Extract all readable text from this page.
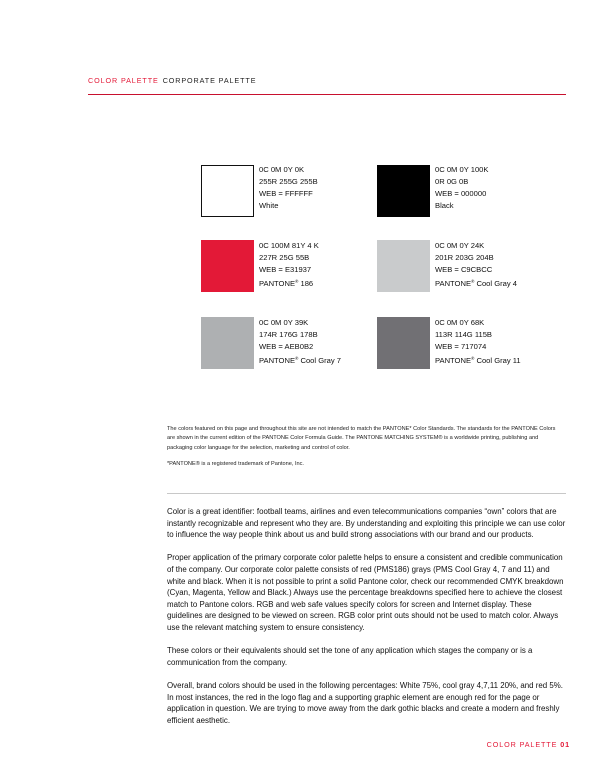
COLOR PALETTE CORPORATE PALETTE
0C 0M 0Y 0K
255R 255G 255B
WEB = FFFFFF
White
0C 0M 0Y 100K
0R 0G 0B
WEB = 000000
Black
0C 100M 81Y 4 K
227R 25G 55B
WEB = E31937
PANTONE® 186
0C 0M 0Y 24K
201R 203G 204B
WEB = C9CBCC
PANTONE® Cool Gray 4
0C 0M 0Y 39K
174R 176G 178B
WEB = AEB0B2
PANTONE® Cool Gray 7
0C 0M 0Y 68K
113R 114G 115B
WEB = 717074
PANTONE® Cool Gray 11

The colors featured on this page and throughout this site are not intended to match the PANTONE* Color Standards. The standards for the PANTONE Colors are shown in the current edition of the PANTONE Color Formula Guide. The PANTONE MATCHING SYSTEM® is a worldwide printing, publishing and packaging color language for the selection, marketing and control of color.

*PANTONE® is a registered trademark of Pantone, Inc.

Color is a great identifier: football teams, airlines and even telecommunications companies “own” colors that are instantly recognizable and represent who they are. By understanding and exploiting this principle we can use color to influence the way people think about us and build strong associations with our brand and our products.

Proper application of the primary corporate color palette helps to ensure a consistent and credible communication of the company. Our corporate color palette consists of red (PMS186) grays (PMS Cool Gray 4, 7 and 11) and white and black. When it is not possible to print a solid Pantone color, check our recommended CMYK breakdown (Cyan, Magenta, Yellow and Black.) Always use the percentage breakdowns specified here to achieve the closest match to Pantone colors. RGB and web safe values specify colors for screen and Internet display. These guidelines are designed to be viewed on screen. RGB color print outs should not be used to match color. Always use the relevant matching system to ensure consistency.

These colors or their equivalents should set the tone of any application which stages the company or is a communication from the company.

Overall, brand colors should be used in the following percentages: White 75%, cool gray 4,7,11 20%, and red 5%. In most instances, the red in the logo flag and a supporting graphic element are enough red for the page or application in question. We are trying to move away from the dark gothic blacks and create a modern and freshly efficient aesthetic.

COLOR PALETTE 01
